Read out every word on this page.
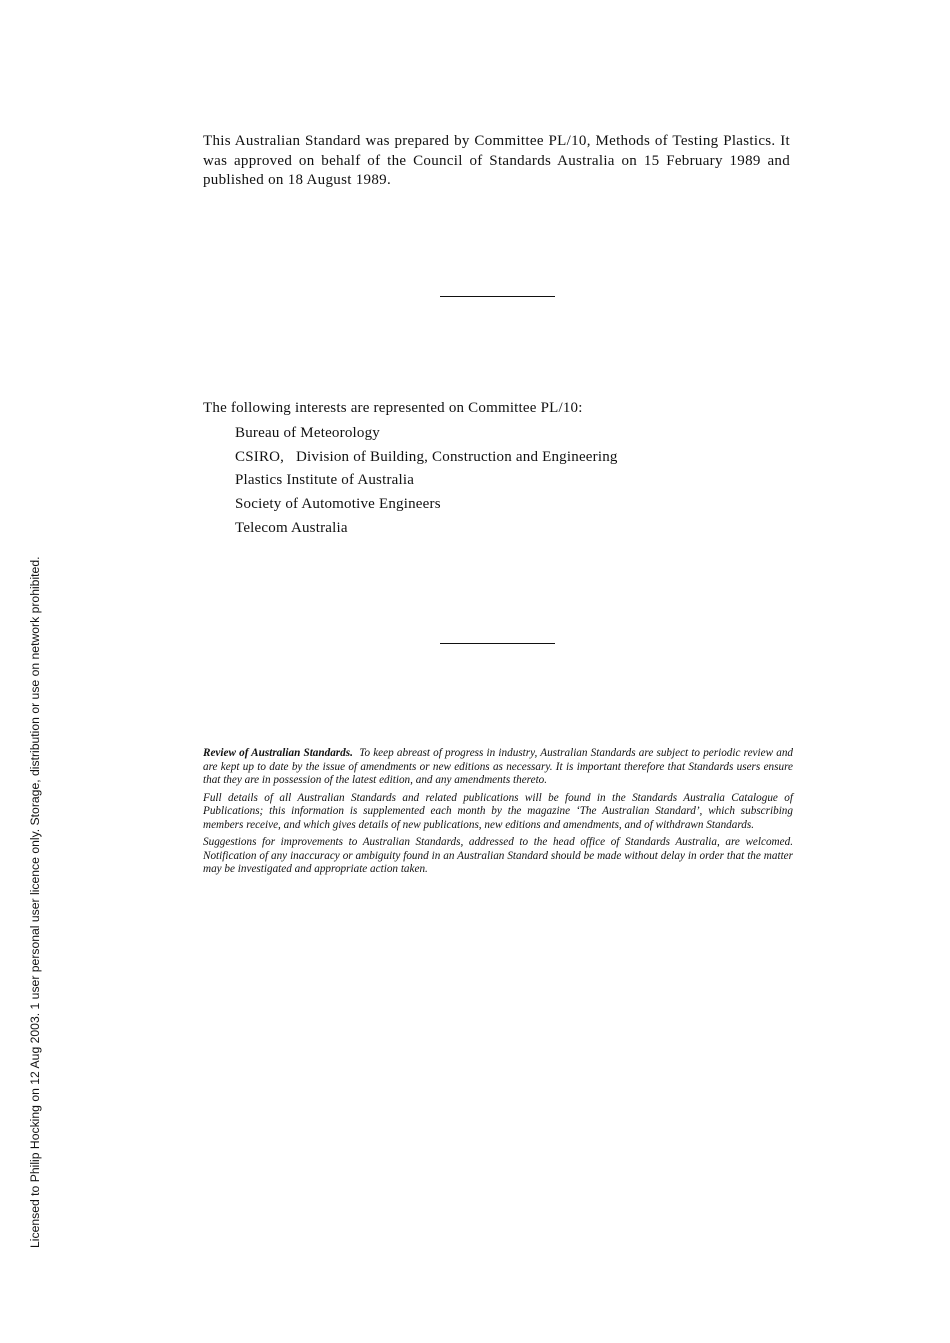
This Australian Standard was prepared by Committee PL/10, Methods of Testing Plastics. It was approved on behalf of the Council of Standards Australia on 15 February 1989 and published on 18 August 1989.

The following interests are represented on Committee PL/10:

Bureau of Meteorology
CSIRO,   Division of Building, Construction and Engineering
Plastics Institute of Australia
Society of Automotive Engineers
Telecom Australia

Review of Australian Standards. To keep abreast of progress in industry, Australian Standards are subject to periodic review and are kept up to date by the issue of amendments or new editions as necessary. It is important therefore that Standards users ensure that they are in possession of the latest edition, and any amendments thereto.

Full details of all Australian Standards and related publications will be found in the Standards Australia Catalogue of Publications; this information is supplemented each month by the magazine ‘The Australian Standard’, which subscribing members receive, and which gives details of new publications, new editions and amendments, and of withdrawn Standards.

Suggestions for improvements to Australian Standards, addressed to the head office of Standards Australia, are welcomed. Notification of any inaccuracy or ambiguity found in an Australian Standard should be made without delay in order that the matter may be investigated and appropriate action taken.

Licensed to Philip Hocking on 12 Aug 2003. 1 user personal user licence only. Storage, distribution or use on network prohibited.
